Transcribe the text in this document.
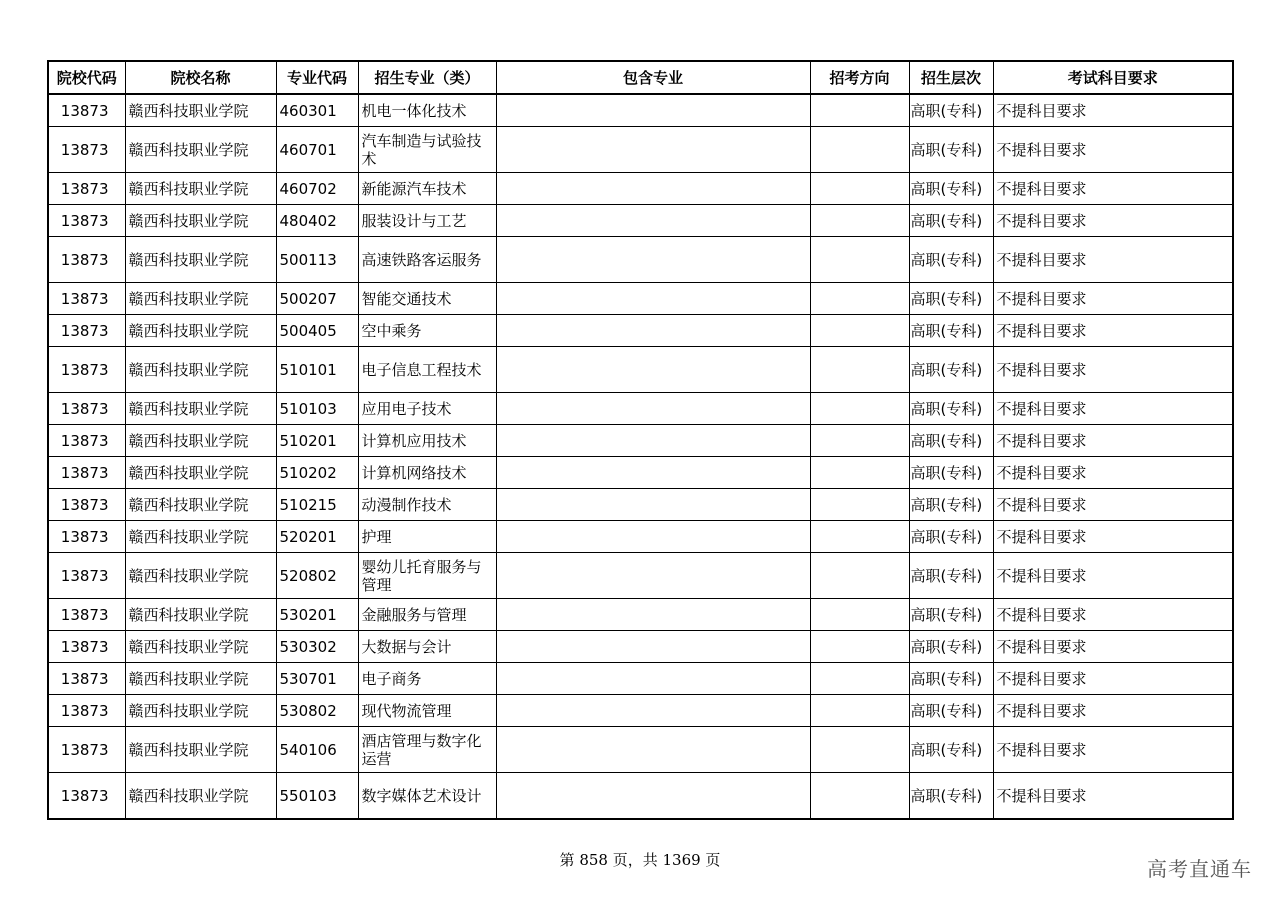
院校代码	院校名称	专业代码	招生专业（类）	包含专业	招考方向	招生层次	考试科目要求
13873	赣西科技职业学院	460301	机电一体化技术			高职(专科)	不提科目要求
13873	赣西科技职业学院	460701	汽车制造与试验技术			高职(专科)	不提科目要求
13873	赣西科技职业学院	460702	新能源汽车技术			高职(专科)	不提科目要求
13873	赣西科技职业学院	480402	服装设计与工艺			高职(专科)	不提科目要求
13873	赣西科技职业学院	500113	高速铁路客运服务			高职(专科)	不提科目要求
13873	赣西科技职业学院	500207	智能交通技术			高职(专科)	不提科目要求
13873	赣西科技职业学院	500405	空中乘务			高职(专科)	不提科目要求
13873	赣西科技职业学院	510101	电子信息工程技术			高职(专科)	不提科目要求
13873	赣西科技职业学院	510103	应用电子技术			高职(专科)	不提科目要求
13873	赣西科技职业学院	510201	计算机应用技术			高职(专科)	不提科目要求
13873	赣西科技职业学院	510202	计算机网络技术			高职(专科)	不提科目要求
13873	赣西科技职业学院	510215	动漫制作技术			高职(专科)	不提科目要求
13873	赣西科技职业学院	520201	护理			高职(专科)	不提科目要求
13873	赣西科技职业学院	520802	婴幼儿托育服务与管理			高职(专科)	不提科目要求
13873	赣西科技职业学院	530201	金融服务与管理			高职(专科)	不提科目要求
13873	赣西科技职业学院	530302	大数据与会计			高职(专科)	不提科目要求
13873	赣西科技职业学院	530701	电子商务			高职(专科)	不提科目要求
13873	赣西科技职业学院	530802	现代物流管理			高职(专科)	不提科目要求
13873	赣西科技职业学院	540106	酒店管理与数字化运营			高职(专科)	不提科目要求
13873	赣西科技职业学院	550103	数字媒体艺术设计			高职(专科)	不提科目要求
第 858 页，共 1369 页	高考直通车
